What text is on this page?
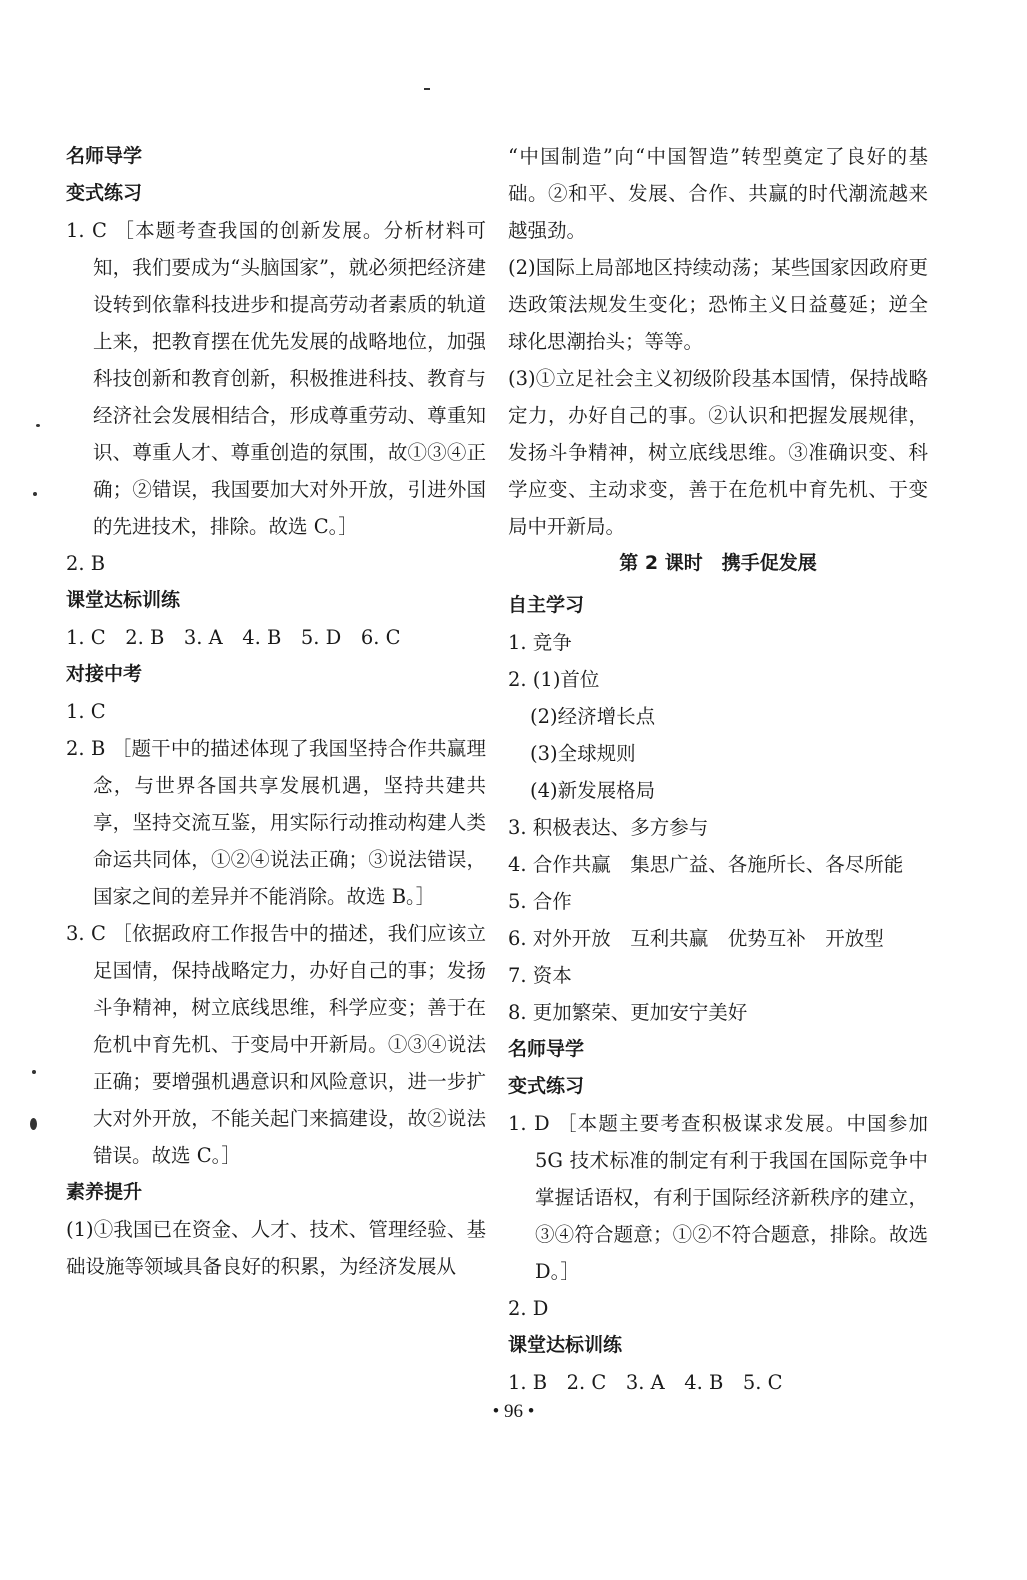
名师导学
变式练习
1. C ［本题考查我国的创新发展。分析材料可知，我们要成为“头脑国家”，就必须把经济建设转到依靠科技进步和提高劳动者素质的轨道上来，把教育摆在优先发展的战略地位，加强科技创新和教育创新，积极推进科技、教育与经济社会发展相结合，形成尊重劳动、尊重知识、尊重人才、尊重创造的氛围，故①③④正确；②错误，我国要加大对外开放，引进外国的先进技术，排除。故选 C。］
2. B
课堂达标训练
1. C　2. B　3. A　4. B　5. D　6. C
对接中考
1. C
2. B ［题干中的描述体现了我国坚持合作共赢理念，与世界各国共享发展机遇，坚持共建共享，坚持交流互鉴，用实际行动推动构建人类命运共同体，①②④说法正确；③说法错误，国家之间的差异并不能消除。故选 B。］
3. C ［依据政府工作报告中的描述，我们应该立足国情，保持战略定力，办好自己的事；发扬斗争精神，树立底线思维，科学应变；善于在危机中育先机、于变局中开新局。①③④说法正确；要增强机遇意识和风险意识，进一步扩大对外开放，不能关起门来搞建设，故②说法错误。故选 C。］
素养提升
(1)①我国已在资金、人才、技术、管理经验、基础设施等领域具备良好的积累，为经济发展从
“中国制造”向“中国智造”转型奠定了良好的基础。②和平、发展、合作、共赢的时代潮流越来越强劲。
(2)国际上局部地区持续动荡；某些国家因政府更迭政策法规发生变化；恐怖主义日益蔓延；逆全球化思潮抬头；等等。
(3)①立足社会主义初级阶段基本国情，保持战略定力，办好自己的事。②认识和把握发展规律，发扬斗争精神，树立底线思维。③准确识变、科学应变、主动求变，善于在危机中育先机、于变局中开新局。
第 2 课时　携手促发展
自主学习
1. 竞争
2. (1)首位
(2)经济增长点
(3)全球规则
(4)新发展格局
3. 积极表达、多方参与
4. 合作共赢　集思广益、各施所长、各尽所能
5. 合作
6. 对外开放　互利共赢　优势互补　开放型
7. 资本
8. 更加繁荣、更加安宁美好
名师导学
变式练习
1. D ［本题主要考查积极谋求发展。中国参加 5G 技术标准的制定有利于我国在国际竞争中掌握话语权，有利于国际经济新秩序的建立，③④符合题意；①②不符合题意，排除。故选 D。］
2. D
课堂达标训练
1. B　2. C　3. A　4. B　5. C
• 96 •
